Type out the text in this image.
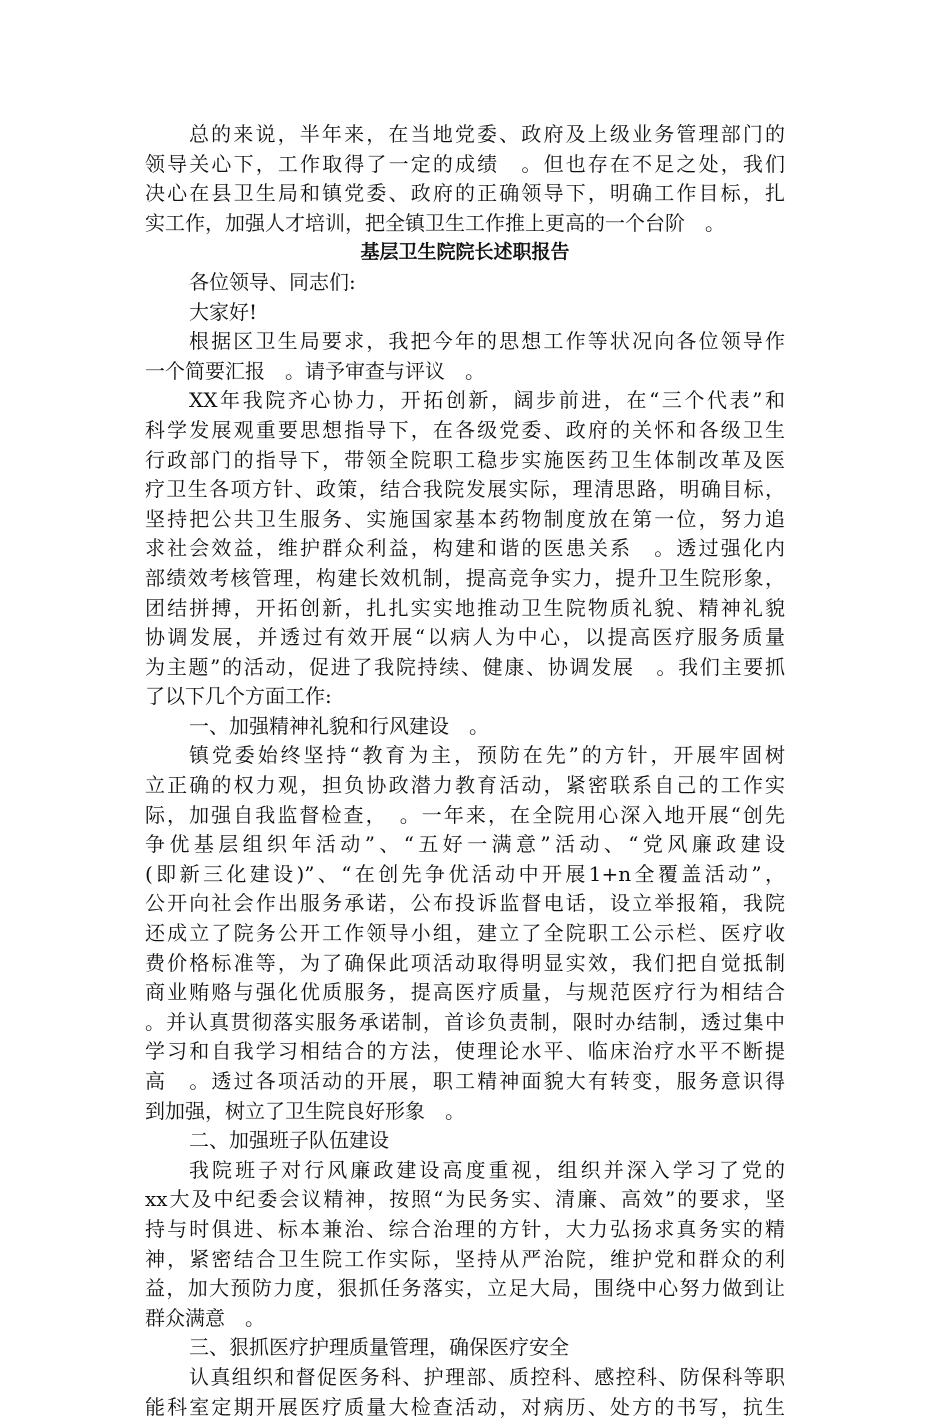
总的来说，半年来，在当地党委、政府及上级业务管理部门的
领导关心下，工作取得了一定的成绩　。但也存在不足之处，我们
决心在县卫生局和镇党委、政府的正确领导下，明确工作目标，扎
实工作，加强人才培训，把全镇卫生工作推上更高的一个台阶　。
基层卫生院院长述职报告
各位领导、同志们:
大家好!
根据区卫生局要求，我把今年的思想工作等状况向各位领导作
一个简要汇报　。请予审查与评议　。
XX年我院齐心协力，开拓创新，阔步前进，在“三个代表”和
科学发展观重要思想指导下，在各级党委、政府的关怀和各级卫生
行政部门的指导下，带领全院职工稳步实施医药卫生体制改革及医
疗卫生各项方针、政策，结合我院发展实际，理清思路，明确目标，
坚持把公共卫生服务、实施国家基本药物制度放在第一位，努力追
求社会效益，维护群众利益，构建和谐的医患关系　。透过强化内
部绩效考核管理，构建长效机制，提高竞争实力，提升卫生院形象，
团结拼搏，开拓创新，扎扎实实地推动卫生院物质礼貌、精神礼貌
协调发展，并透过有效开展“以病人为中心，以提高医疗服务质量
为主题”的活动，促进了我院持续、健康、协调发展　。我们主要抓
了以下几个方面工作:
一、加强精神礼貌和行风建设　。
镇党委始终坚持“教育为主，预防在先”的方针，开展牢固树
立正确的权力观，担负协政潜力教育活动，紧密联系自己的工作实
际，加强自我监督检查，　。一年来，在全院用心深入地开展“创先
争优基层组织年活动”、“五好一满意”活动、“党风廉政建设
(即新三化建设)”、“在创先争优活动中开展1+n全覆盖活动”，
公开向社会作出服务承诺，公布投诉监督电话，设立举报箱，我院
还成立了院务公开工作领导小组，建立了全院职工公示栏、医疗收
费价格标准等，为了确保此项活动取得明显实效，我们把自觉抵制
商业贿赂与强化优质服务，提高医疗质量，与规范医疗行为相结合
。并认真贯彻落实服务承诺制，首诊负责制，限时办结制，透过集中
学习和自我学习相结合的方法，使理论水平、临床治疗水平不断提
高　。透过各项活动的开展，职工精神面貌大有转变，服务意识得
到加强，树立了卫生院良好形象　。
二、加强班子队伍建设
我院班子对行风廉政建设高度重视，组织并深入学习了党的
xx大及中纪委会议精神，按照“为民务实、清廉、高效”的要求，坚
持与时俱进、标本兼治、综合治理的方针，大力弘扬求真务实的精
神，紧密结合卫生院工作实际，坚持从严治院，维护党和群众的利
益，加大预防力度，狠抓任务落实，立足大局，围绕中心努力做到让
群众满意　。
三、狠抓医疗护理质量管理，确保医疗安全
认真组织和督促医务科、护理部、质控科、感控科、防保科等职
能科室定期开展医疗质量大检查活动，对病历、处方的书写，抗生
